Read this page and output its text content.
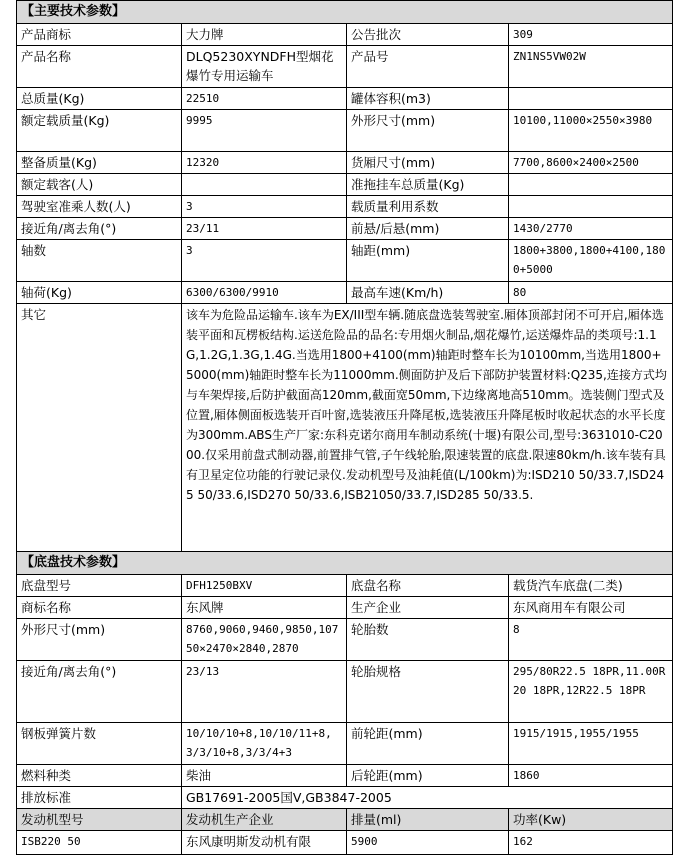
【主要技术参数】			
产品商标	大力牌	公告批次	309
产品名称	DLQ5230XYNDFH型烟花爆竹专用运输车	产品号	ZN1NS5VW02W
总质量(Kg)	22510	罐体容积(m3)	
额定载质量(Kg)	9995	外形尺寸(mm)	10100,11000×2550×3980
整备质量(Kg)	12320	货厢尺寸(mm)	7700,8600×2400×2500
额定载客(人)		准拖挂车总质量(Kg)	
驾驶室准乘人数(人)	3	载质量利用系数	
接近角/离去角(°)	23/11	前悬/后悬(mm)	1430/2770
轴数	3	轴距(mm)	1800+3800,1800+4100,1800+5000
轴荷(Kg)	6300/6300/9910	最高车速(Km/h)	80
其它	该车为危险品运输车.该车为EX/III型车辆.随底盘选装驾驶室.厢体顶部封闭不可开启,厢体选装平面和瓦楞板结构.运送危险品的品名:专用烟火制品,烟花爆竹,运送爆炸品的类项号:1.1G,1.2G,1.3G,1.4G.当选用1800+4100(mm)轴距时整车长为10100mm,当选用1800+5000(mm)轴距时整车长为11000mm.侧面防护及后下部防护装置材料:Q235,连接方式均与车架焊接,后防护截面高120mm,截面宽50mm,下边缘离地高510mm。选装侧门型式及位置,厢体侧面板选装开百叶窗,选装液压升降尾板,选装液压升降尾板时收起状态的水平长度为300mm.ABS生产厂家:东科克诺尔商用车制动系统(十堰)有限公司,型号:3631010-C2000.仅采用前盘式制动器,前置排气管,子午线轮胎,限速装置的底盘.限速80km/h.该车装有具有卫星定位功能的行驶记录仪.发动机型号及油耗值(L/100km)为:ISD210 50/33.7,ISD245 50/33.6,ISD270 50/33.6,ISB21050/33.7,ISD285 50/33.5.		
【底盘技术参数】			
底盘型号	DFH1250BXV	底盘名称	载货汽车底盘(二类)
商标名称	东风牌	生产企业	东风商用车有限公司
外形尺寸(mm)	8760,9060,9460,9850,10750×2470×2840,2870	轮胎数	8
接近角/离去角(°)	23/13	轮胎规格	295/80R22.5 18PR,11.00R20 18PR,12R22.5 18PR
钢板弹簧片数	10/10/10+8,10/10/11+8,3/3/10+8,3/3/4+3	前轮距(mm)	1915/1915,1955/1955
燃料种类	柴油	后轮距(mm)	1860
排放标准	GB17691-2005国Ⅴ,GB3847-2005		
发动机型号	发动机生产企业	排量(ml)	功率(Kw)
ISB220 50	东风康明斯发动机有限	5900	162
